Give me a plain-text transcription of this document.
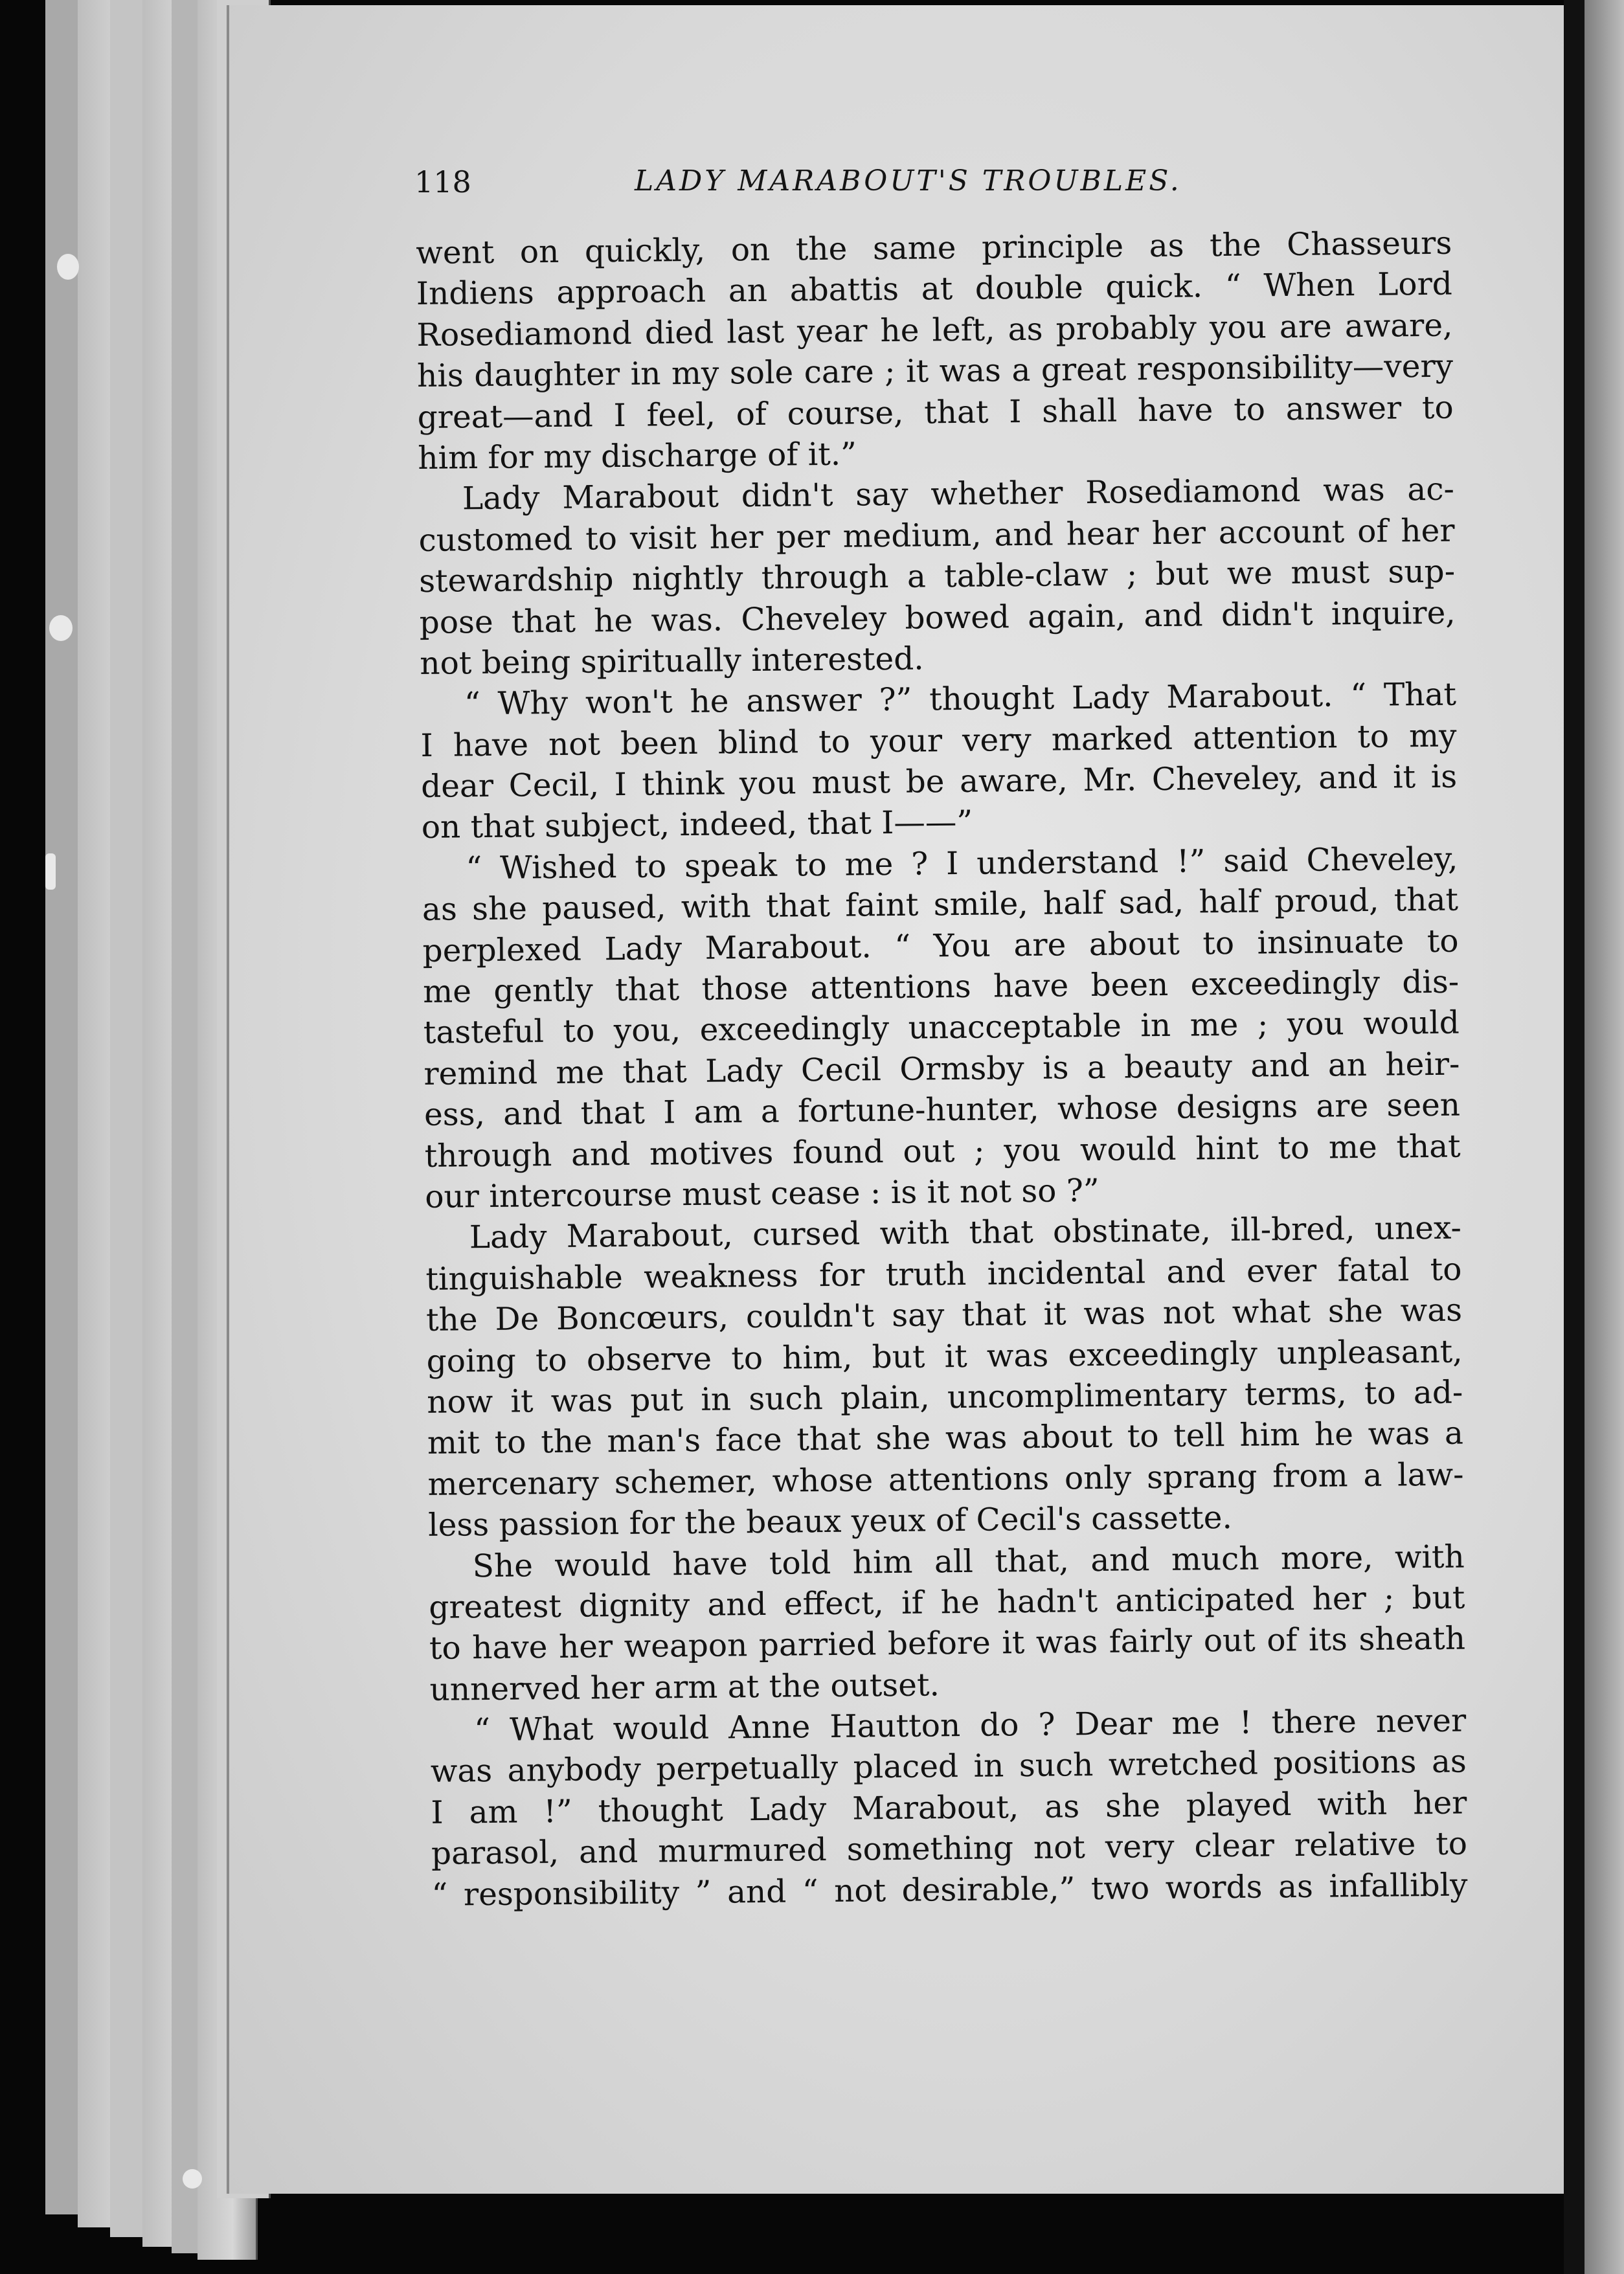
118	LADY MARABOUT'S TROUBLES.
went on quickly, on the same principle as the Chasseurs
Indiens approach an abattis at double quick. “ When Lord
Rosediamond died last year he left, as probably you are aware,
his daughter in my sole care ; it was a great responsibility—very
great—and I feel, of course, that I shall have to answer to
him for my discharge of it.”
Lady Marabout didn't say whether Rosediamond was ac-
customed to visit her per medium, and hear her account of her
stewardship nightly through a table-claw ; but we must sup-
pose that he was. Cheveley bowed again, and didn't inquire,
not being spiritually interested.
“ Why won't he answer ?” thought Lady Marabout. “ That
I have not been blind to your very marked attention to my
dear Cecil, I think you must be aware, Mr. Cheveley, and it is
on that subject, indeed, that I——”
“ Wished to speak to me ? I understand !” said Cheveley,
as she paused, with that faint smile, half sad, half proud, that
perplexed Lady Marabout. “ You are about to insinuate to
me gently that those attentions have been exceedingly dis-
tasteful to you, exceedingly unacceptable in me ; you would
remind me that Lady Cecil Ormsby is a beauty and an heir-
ess, and that I am a fortune-hunter, whose designs are seen
through and motives found out ; you would hint to me that
our intercourse must cease : is it not so ?”
Lady Marabout, cursed with that obstinate, ill-bred, unex-
tinguishable weakness for truth incidental and ever fatal to
the De Boncœurs, couldn't say that it was not what she was
going to observe to him, but it was exceedingly unpleasant,
now it was put in such plain, uncomplimentary terms, to ad-
mit to the man's face that she was about to tell him he was a
mercenary schemer, whose attentions only sprang from a law-
less passion for the beaux yeux of Cecil's cassette.
She would have told him all that, and much more, with
greatest dignity and effect, if he hadn't anticipated her ; but
to have her weapon parried before it was fairly out of its sheath
unnerved her arm at the outset.
“ What would Anne Hautton do ? Dear me ! there never
was anybody perpetually placed in such wretched positions as
I am !” thought Lady Marabout, as she played with her
parasol, and murmured something not very clear relative to
“ responsibility ” and “ not desirable,” two words as infallibly
